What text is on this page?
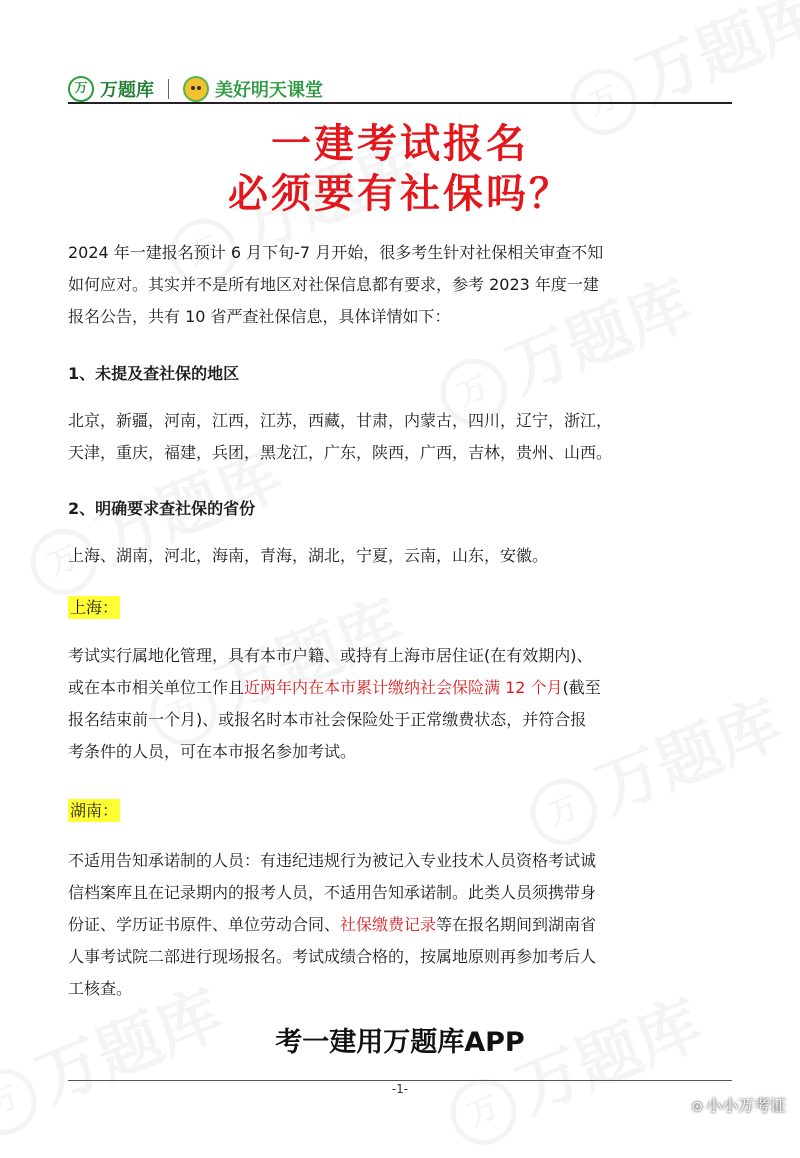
万 万题库	美好明天课堂
一建考试报名
必须要有社保吗？

2024 年一建报名预计 6 月下旬-7 月开始，很多考生针对社保相关审查不知

如何应对。其实并不是所有地区对社保信息都有要求，参考 2023 年度一建

报名公告，共有 10 省严查社保信息，具体详情如下：

1、未提及查社保的地区

北京，新疆，河南，江西，江苏，西藏，甘肃，内蒙古，四川，辽宁，浙江，

天津，重庆，福建，兵团，黑龙江，广东，陕西，广西，吉林，贵州、山西。

2、明确要求查社保的省份

上海、湖南，河北，海南，青海，湖北，宁夏，云南，山东，安徽。

上海：

考试实行属地化管理，具有本市户籍、或持有上海市居住证(在有效期内)、

或在本市相关单位工作且近两年内在本市累计缴纳社会保险满 12 个月(截至

报名结束前一个月)、或报名时本市社会保险处于正常缴费状态，并符合报

考条件的人员，可在本市报名参加考试。

湖南：

不适用告知承诺制的人员：有违纪违规行为被记入专业技术人员资格考试诚

信档案库且在记录期内的报考人员，不适用告知承诺制。此类人员须携带身

份证、学历证书原件、单位劳动合同、社保缴费记录等在报名期间到湖南省

人事考试院二部进行现场报名。考试成绩合格的，按属地原则再参加考后人

工核查。

考一建用万题库APP
-1-
⊙ 小小万考证
